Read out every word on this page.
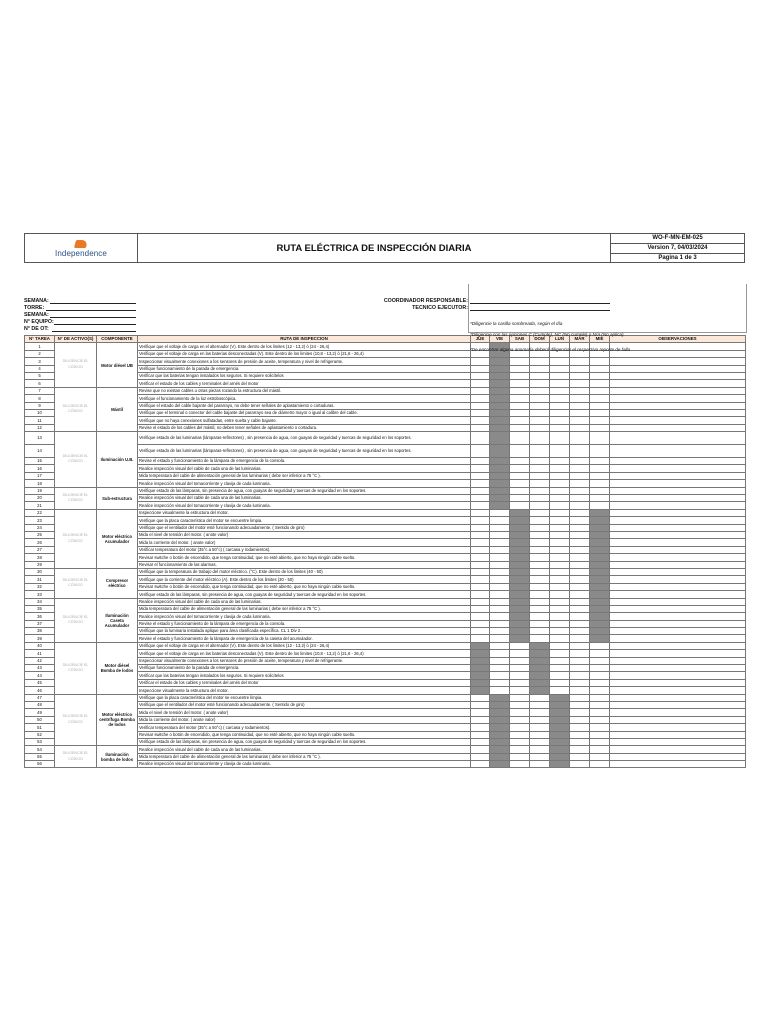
Independence	RUTA ELÉCTRICA DE INSPECCIÓN DIARIA
WO-F-MN-EM-025
Version 7, 04/03/2024
Pagina 1 de 3
SEMANA:
TORRE:
SEMANA:
N° EQUIPO:
N° DE OT:
COORDINADOR RESPONSABLE:
TECNICO EJECUTOR:
*Diligencie la casilla sombreada, según el día
*Diligencie con las opciones C (Cumple), NC (No cumple) o N/A (No aplica)
*De encontrar alguna anomalía deberá diligenciar el respectivo reporte de falla
N° TAREA	N° DE ACTIVO(S)	COMPONENTE	RUTA DE INSPECCION	JUE	VIE	SAB	DOM	LUN	MAR	MIE	OBSERVACIONES
1	DILIGENCIE EL CÓDIGO	Motor diésel UB	Verifique que el voltaje de carga en el alternador (V). Este dentro de los limites (12 - 13,2) ó (24 - 26,4)								
2			Verifique que el voltaje de carga en las baterias desconectadas (V). Este dentro de los limites (10,8 - 13,2) ó (21,6 - 26,4)								
3			Inspeccionar visualmente conexiones a los sensores de presión de aceite, temperatura y nivel de refrigerante.								
4			Verifique funcionamiento de la parada de emergencia.								
5			Verificar que las baterias tengan instalados los seguros. Si requiere solicítelos								
6			Verificar el estado de los cables y terminales del arnés del motor								
7	DILIGENCIE EL CÓDIGO	Mástil	Revise que no existan cables u otras piezas rozando la estructura del mástil.								
8			Verifique el funcionamiento de la luz estroboscópica.								
9			Verifique el estado del cable bajante del pararrayo, no debe tener señales de aplastamiento o cortaduras.								
10			Verifique que el terminal o conector del cable bajante del pararrayo sea de diámetro mayor o igual al calibre del cable.								
11			Verifique que no haya conexiones sulfatadas, entre suelta y cable bajante.								
12			Revise el estado de los cables del mástil, no deben tener señales de aplastamiento o cortadura.								
13	DILIGENCIE EL CÓDIGO	Iluminación U.B.	Verifique estado de las luminarias (lámparas-reflectores) , sin presencia de agua, con guayas de seguridad y tuercas de seguridad en los soportes.								
14			Verifique estado de las luminarias (lámparas-reflectores) , sin presencia de agua, con guayas de seguridad y tuercas de seguridad en los soportes.								
15			Revise el estado y funcionamiento de la lámpara de emergencia de la consola.								
16			Realice inspección visual del cable de cada una de las luminarias.								
17			Mida temperatura del cable de alimentación general de las luminarias ( debe ser inferior a 75 °C ).								
18			Realice inspección visual del tomacorriente y clavija de cada luminaria.								
19	DILIGENCIE EL CÓDIGO	Sub-estructura	Verifique estado de las lámparas, sin presencia de agua, con guayas de seguridad y tuercas de seguridad en los soportes.								
20			Realice inspección visual del cable de cada una de las luminarias.								
21			Realice inspección visual del tomacorriente y clavija de cada luminaria.								
22	DILIGENCIE EL CÓDIGO	Motor eléctrico Acumulador	Inspeccione visualmente la estructura del motor.								
23			Verifique que la placa característica del motor se encuentre limpia.								
24			Verifique que el ventilador del motor esté funcionando adecuadamente. ( Sentido de giro)								
25			Mida el nivel de tensión del motor. ( anote valor)								
26			Mida la corriente del motor. ( anote valor)								
27			Verificar temperatura del motor (35°c a 50°c) ( carcasa y rodamientos).								
28			Revisar switche o botón de encendido, que tenga continuidad, que no esté abierto, que no haya ningún cable suelto.								
29			Revisar el funcionamiento de las alarmas.								
30	DILIGENCIE EL CÓDIGO	Compresor eléctrico	Verifique que la temperatura de trabajo del motor eléctrico. (°C). Este dentro de los limites (40 - 50)								
31			Verifique que la corriente del motor eléctrico (A). Este dentro de los limites (30 - 50)								
32			Revisar switche o botón de encendido, que tenga continuidad, que no esté abierto, que no haya ningún cable suelto.								
33			Verifique estado de las lámparas, sin presencia de agua, con guayas de seguridad y tuercas de seguridad en los soportes.								
34	DILIGENCIE EL CÓDIGO	Iluminación Caseta Acumulador	Realice inspección visual del cable de cada una de las luminarias.								
35			Mida temperatura del cable de alimentación general de las luminarias ( debe ser inferior a 75 °C ).								
36			Realice inspección visual del tomacorriente y clavija de cada luminaria.								
37			Revise el estado y funcionamiento de la lámpara de emergencia de la consola.								
38			Verifique que la luminaria instalada aplique para área clasificada específica. CL 1 Div 2 .								
39			Revise el estado y funcionamiento de la lámpara de emergencia de la caseta del acumulador.								
40	DILIGENCIE EL CÓDIGO	Motor diésel Bomba de lodos	Verifique que el voltaje de carga en el alternador (V). Este dentro de los limites (12 - 13,2) ó (24 - 26,4)								
41			Verifique que el voltaje de carga en las baterias desconectadas (V). Este dentro de los limites (10,8 - 13,2) ó (21,6 - 26,4)								
42			Inspeccionar visualmente conexiones a los sensores de presión de aceite, temperatura y nivel de refrigerante.								
43			Verifique funcionamiento de la parada de emergencia.								
44			Verificar que las baterias tengan instalados los seguros. Si requiere solicítelos								
45			Verificar el estado de los cables y terminales del arnés del motor								
46			Inspeccione visualmente la estructura del motor.								
47	DILIGENCIE EL CÓDIGO	Motor eléctrico centrífuga Bomba de lodos	Verifique que la placa característica del motor se encuentre limpia.								
48			Verifique que el ventilador del motor esté funcionando adecuadamente. ( Sentido de giro)								
49			Mida el nivel de tensión del motor. ( anote valor)								
50			Mida la corriente del motor. ( anote valor)								
51			Verificar temperatura del motor (35°c a 50°c) ( carcasa y rodamientos).								
52			Revisar switche o botón de encendido, que tenga continuidad, que no esté abierto, que no haya ningún cable suelto.								
53			Verifique estado de las lámparas, sin presencia de agua, con guayas de seguridad y tuercas de seguridad en los soportes.								
54	DILIGENCIE EL CÓDIGO	Iluminación bomba de lodos	Realice inspección visual del cable de cada una de las luminarias.								
55			Mida temperatura del cable de alimentación general de las luminarias ( debe ser inferior a 75 °C ).								
56			Realice inspección visual del tomacorriente y clavija de cada luminaria.								
